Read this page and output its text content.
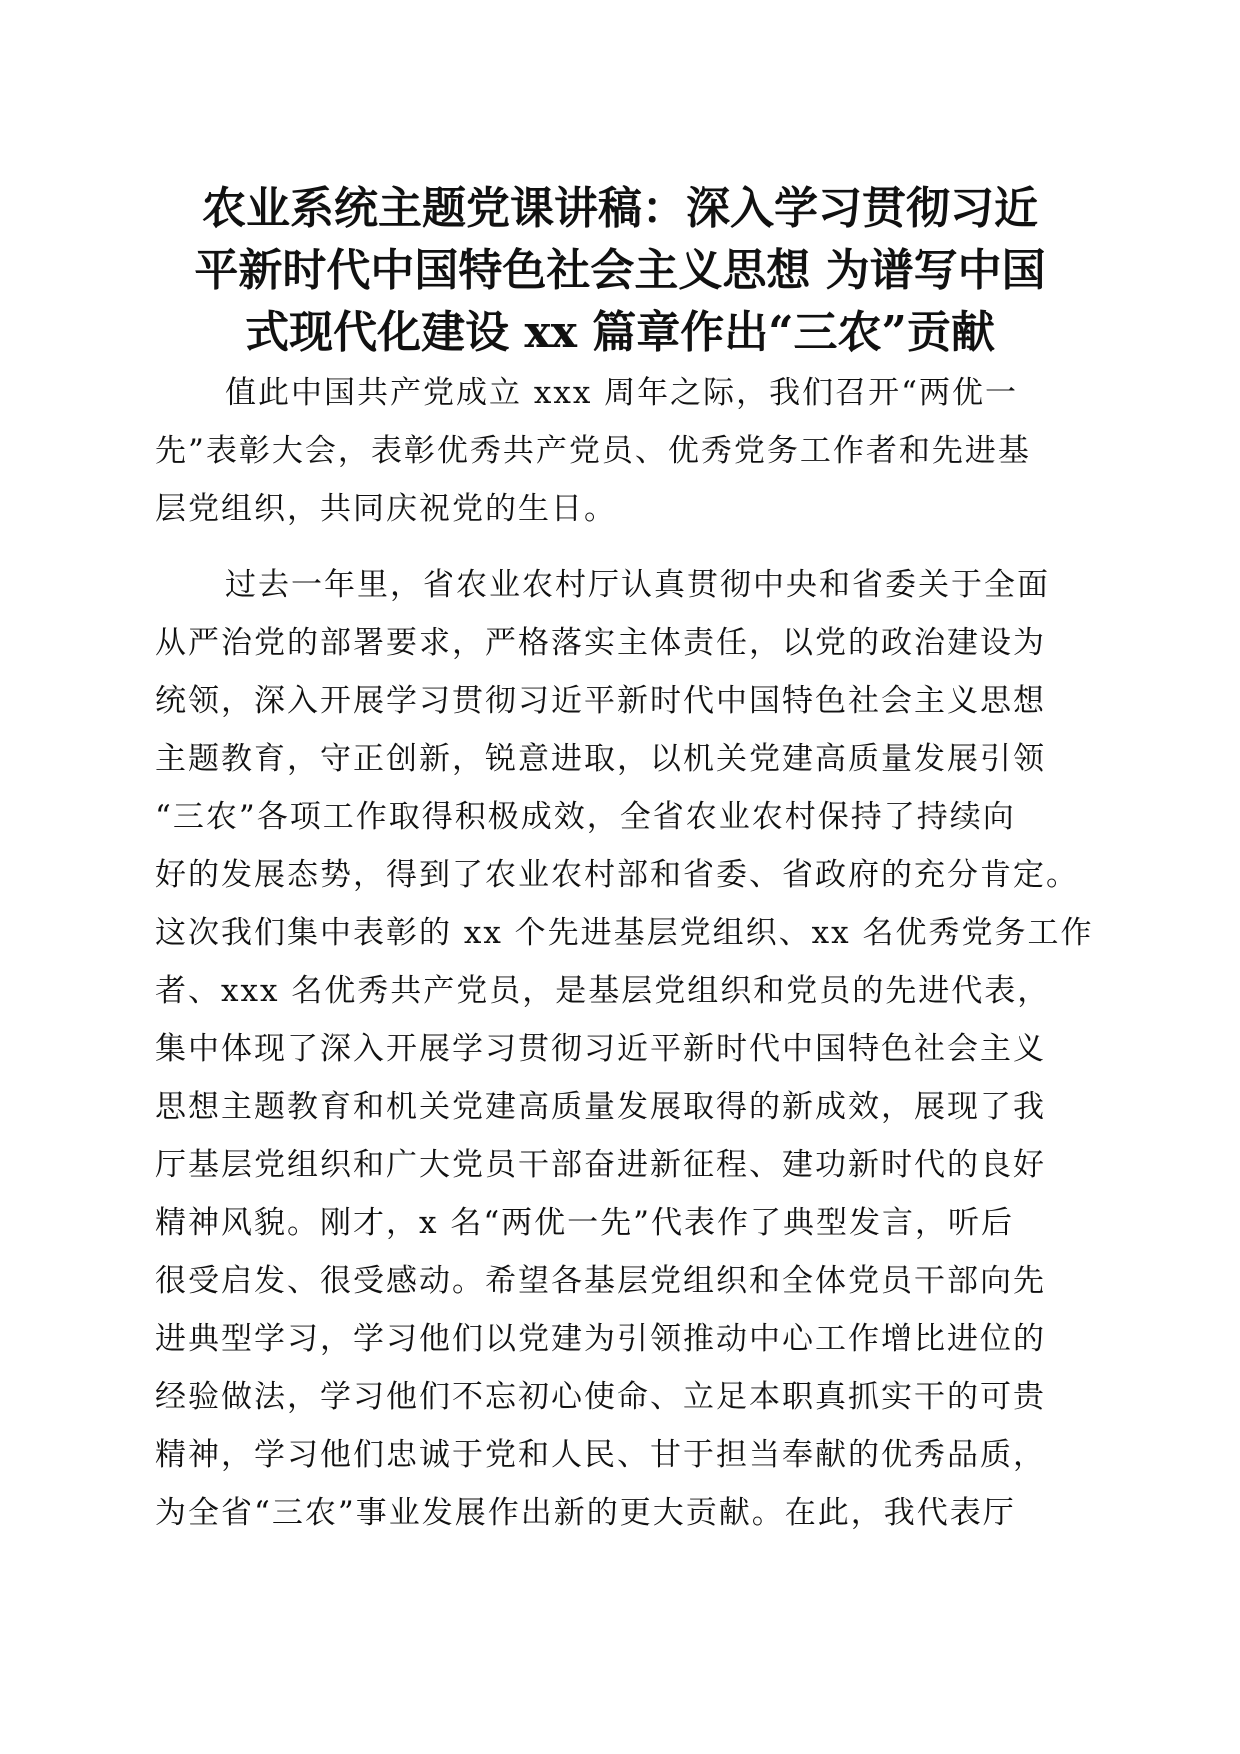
农业系统主题党课讲稿：深入学习贯彻习近
平新时代中国特色社会主义思想 为谱写中国
式现代化建设 xx 篇章作出“三农”贡献

值此中国共产党成立 xxx 周年之际，我们召开“两优一
先”表彰大会，表彰优秀共产党员、优秀党务工作者和先进基
层党组织，共同庆祝党的生日。

过去一年里，省农业农村厅认真贯彻中央和省委关于全面
从严治党的部署要求，严格落实主体责任，以党的政治建设为
统领，深入开展学习贯彻习近平新时代中国特色社会主义思想
主题教育，守正创新，锐意进取，以机关党建高质量发展引领
“三农”各项工作取得积极成效，全省农业农村保持了持续向
好的发展态势，得到了农业农村部和省委、省政府的充分肯定。
这次我们集中表彰的 xx 个先进基层党组织、xx 名优秀党务工作
者、xxx 名优秀共产党员，是基层党组织和党员的先进代表，
集中体现了深入开展学习贯彻习近平新时代中国特色社会主义
思想主题教育和机关党建高质量发展取得的新成效，展现了我
厅基层党组织和广大党员干部奋进新征程、建功新时代的良好
精神风貌。刚才，x 名“两优一先”代表作了典型发言，听后
很受启发、很受感动。希望各基层党组织和全体党员干部向先
进典型学习，学习他们以党建为引领推动中心工作增比进位的
经验做法，学习他们不忘初心使命、立足本职真抓实干的可贵
精神，学习他们忠诚于党和人民、甘于担当奉献的优秀品质，
为全省“三农”事业发展作出新的更大贡献。在此，我代表厅
